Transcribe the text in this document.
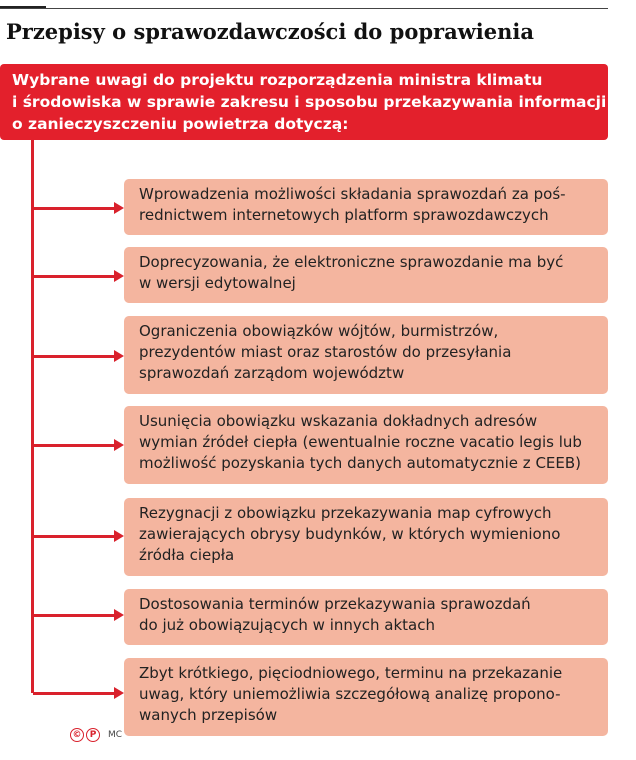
Przepisy o sprawozdawczości do poprawienia
Wybrane uwagi do projektu rozporządzenia ministra klimatu
i środowiska w sprawie zakresu i sposobu przekazywania informacji
o zanieczyszczeniu powietrza dotyczą:
Wprowadzenia możliwości składania sprawozdań za poś-
rednictwem internetowych platform sprawozdawczych
Doprecyzowania, że elektroniczne sprawozdanie ma być
w wersji edytowalnej
Ograniczenia obowiązków wójtów, burmistrzów,
prezydentów miast oraz starostów do przesyłania
sprawozdań zarządom województw
Usunięcia obowiązku wskazania dokładnych adresów
wymian źródeł ciepła (ewentualnie roczne vacatio legis lub
możliwość pozyskania tych danych automatycznie z CEEB)
Rezygnacji z obowiązku przekazywania map cyfrowych
zawierających obrysy budynków, w których wymieniono
źródła ciepła
Dostosowania terminów przekazywania sprawozdań
do już obowiązujących w innych aktach
Zbyt krótkiego, pięciodniowego, terminu na przekazanie
uwag, który uniemożliwia szczegółową analizę propono-
wanych przepisów
© P	MC
